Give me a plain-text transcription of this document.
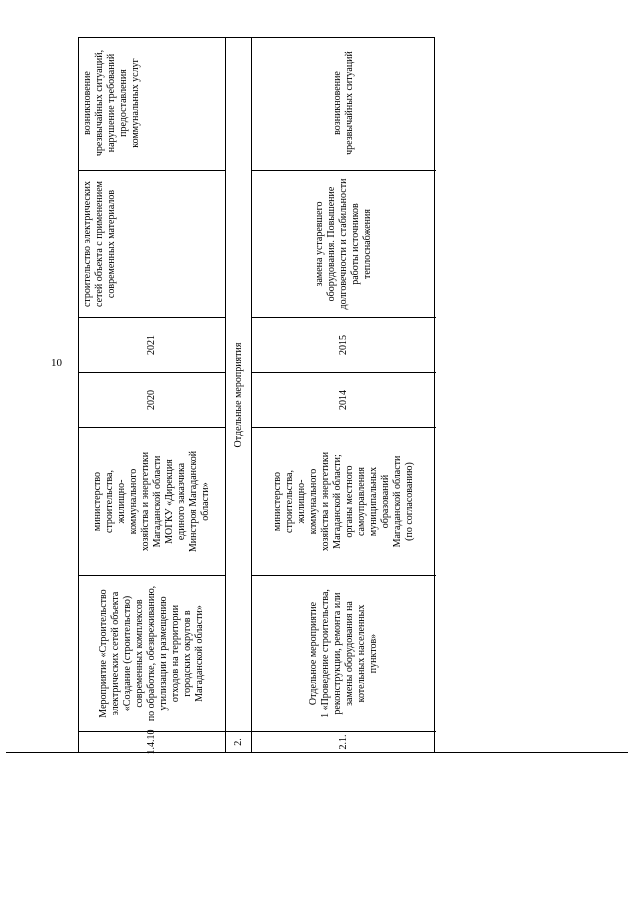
10
1.4.10
Мероприятие «Строительство
электрических сетей объекта
«Создание (строительство)
современных комплексов
по обработке, обезвреживанию,
утилизации и размещению
отходов на территории
городских округов в
Магаданской области»
министерство
строительства,
жилищно-
коммунального
хозяйства и энергетики
Магаданской области
МОГКУ «Дирекция
единого заказчика
Минстроя Магаданской
области»
2020
2021
строительство электрических
сетей объекта с применением
современных материалов
возникновение
чрезвычайных ситуаций,
нарушение требований
предоставления
коммунальных услуг
2.
Отдельные мероприятия
2.1.
Отдельное мероприятие
1 «Проведение строительства,
реконструкции, ремонта или
замены оборудования на
котельных населенных
пунктов»
министерство
строительства,
жилищно-
коммунального
хозяйства и энергетики
Магаданской области;
органы местного
самоуправления
муниципальных
образований
Магаданской области
(по согласованию)
2014
2015
замена устаревшего
оборудования. Повышение
долговечности и стабильности
работы источников
теплоснабжения
возникновение
чрезвычайных ситуаций
